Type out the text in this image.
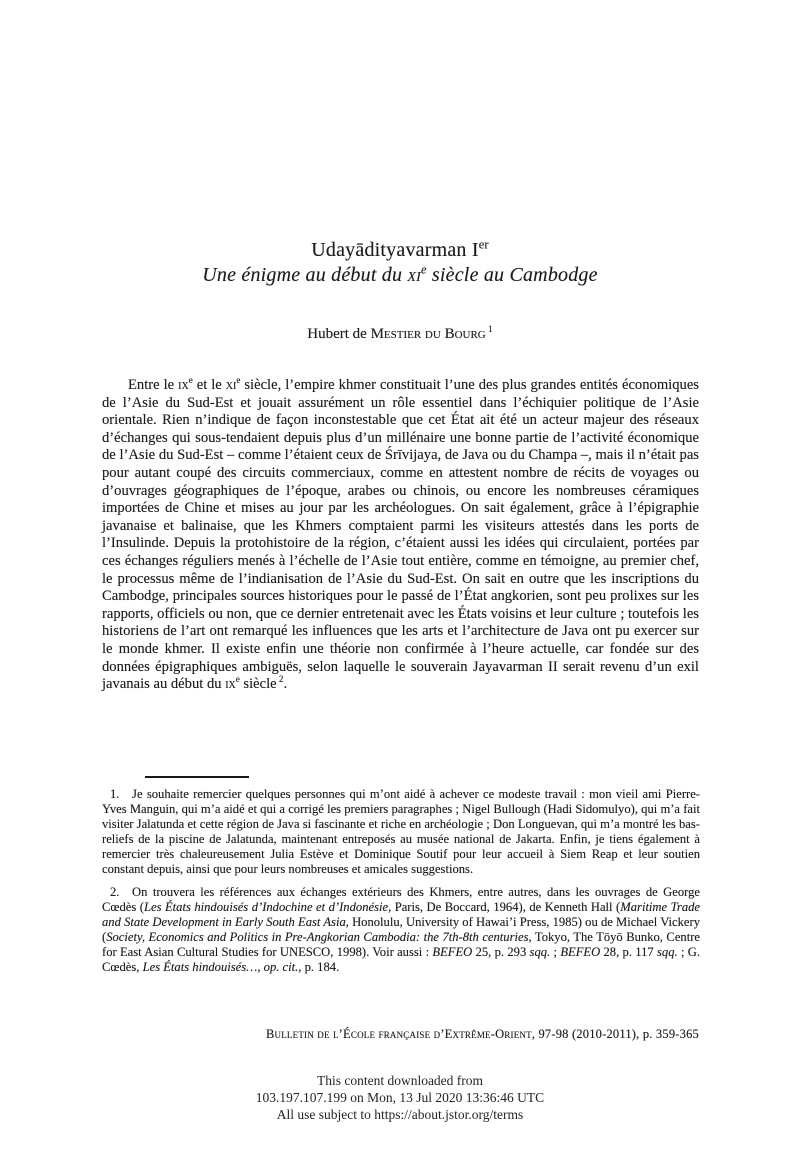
Udayādityavarman Ier
Une énigme au début du $xi^e$ siècle au Cambodge
Hubert de Mestier du Bourg $^1$
Entre le $ix^e$ et le $xi^e$ siècle, l’empire khmer constituait l’une des plus grandes entités économiques de l’Asie du Sud-Est et jouait assurément un rôle essentiel dans l’échiquier politique de l’Asie orientale. Rien n’indique de façon inconstestable que cet État ait été un acteur majeur des réseaux d’échanges qui sous-tendaient depuis plus d’un millénaire une bonne partie de l’activité économique de l’Asie du Sud-Est – comme l’étaient ceux de Śrīvijaya, de Java ou du Champa –, mais il n’était pas pour autant coupé des circuits commerciaux, comme en attestent nombre de récits de voyages ou d’ouvrages géographiques de l’époque, arabes ou chinois, ou encore les nombreuses céramiques importées de Chine et mises au jour par les archéologues. On sait également, grâce à l’épigraphie javanaise et balinaise, que les Khmers comptaient parmi les visiteurs attestés dans les ports de l’Insulinde. Depuis la protohistoire de la région, c’étaient aussi les idées qui circulaient, portées par ces échanges réguliers menés à l’échelle de l’Asie tout entière, comme en témoigne, au premier chef, le processus même de l’indianisation de l’Asie du Sud-Est. On sait en outre que les inscriptions du Cambodge, principales sources historiques pour le passé de l’État angkorien, sont peu prolixes sur les rapports, officiels ou non, que ce dernier entretenait avec les États voisins et leur culture ; toutefois les historiens de l’art ont remarqué les influences que les arts et l’architecture de Java ont pu exercer sur le monde khmer. Il existe enfin une théorie non confirmée à l’heure actuelle, car fondée sur des données épigraphiques ambiguës, selon laquelle le souverain Jayavarman II serait revenu d’un exil javanais au début du $ix^e$ siècle $^2$.
1. Je souhaite remercier quelques personnes qui m’ont aidé à achever ce modeste travail : mon vieil ami Pierre-Yves Manguin, qui m’a aidé et qui a corrigé les premiers paragraphes ; Nigel Bullough (Hadi Sidomulyo), qui m’a fait visiter Jalatunda et cette région de Java si fascinante et riche en archéologie ; Don Longuevan, qui m’a montré les bas-reliefs de la piscine de Jalatunda, maintenant entreposés au musée national de Jakarta. Enfin, je tiens également à remercier très chaleureusement Julia Estève et Dominique Soutif pour leur accueil à Siem Reap et leur soutien constant depuis, ainsi que pour leurs nombreuses et amicales suggestions.
2. On trouvera les références aux échanges extérieurs des Khmers, entre autres, dans les ouvrages de George Cœdès (Les États hindouisés d’Indochine et d’Indonésie, Paris, De Boccard, 1964), de Kenneth Hall (Maritime Trade and State Development in Early South East Asia, Honolulu, University of Hawai’i Press, 1985) ou de Michael Vickery (Society, Economics and Politics in Pre-Angkorian Cambodia: the 7th-8th centuries, Tokyo, The Tōyō Bunko, Centre for East Asian Cultural Studies for UNESCO, 1998). Voir aussi : BEFEO 25, p. 293 sqq. ; BEFEO 28, p. 117 sqq. ; G. Cœdès, Les États hindouisés…, op. cit., p. 184.
Bulletin de l’École française d’Extrême-Orient, 97-98 (2010-2011), p. 359-365
This content downloaded from
103.197.107.199 on Mon, 13 Jul 2020 13:36:46 UTC
All use subject to https://about.jstor.org/terms
